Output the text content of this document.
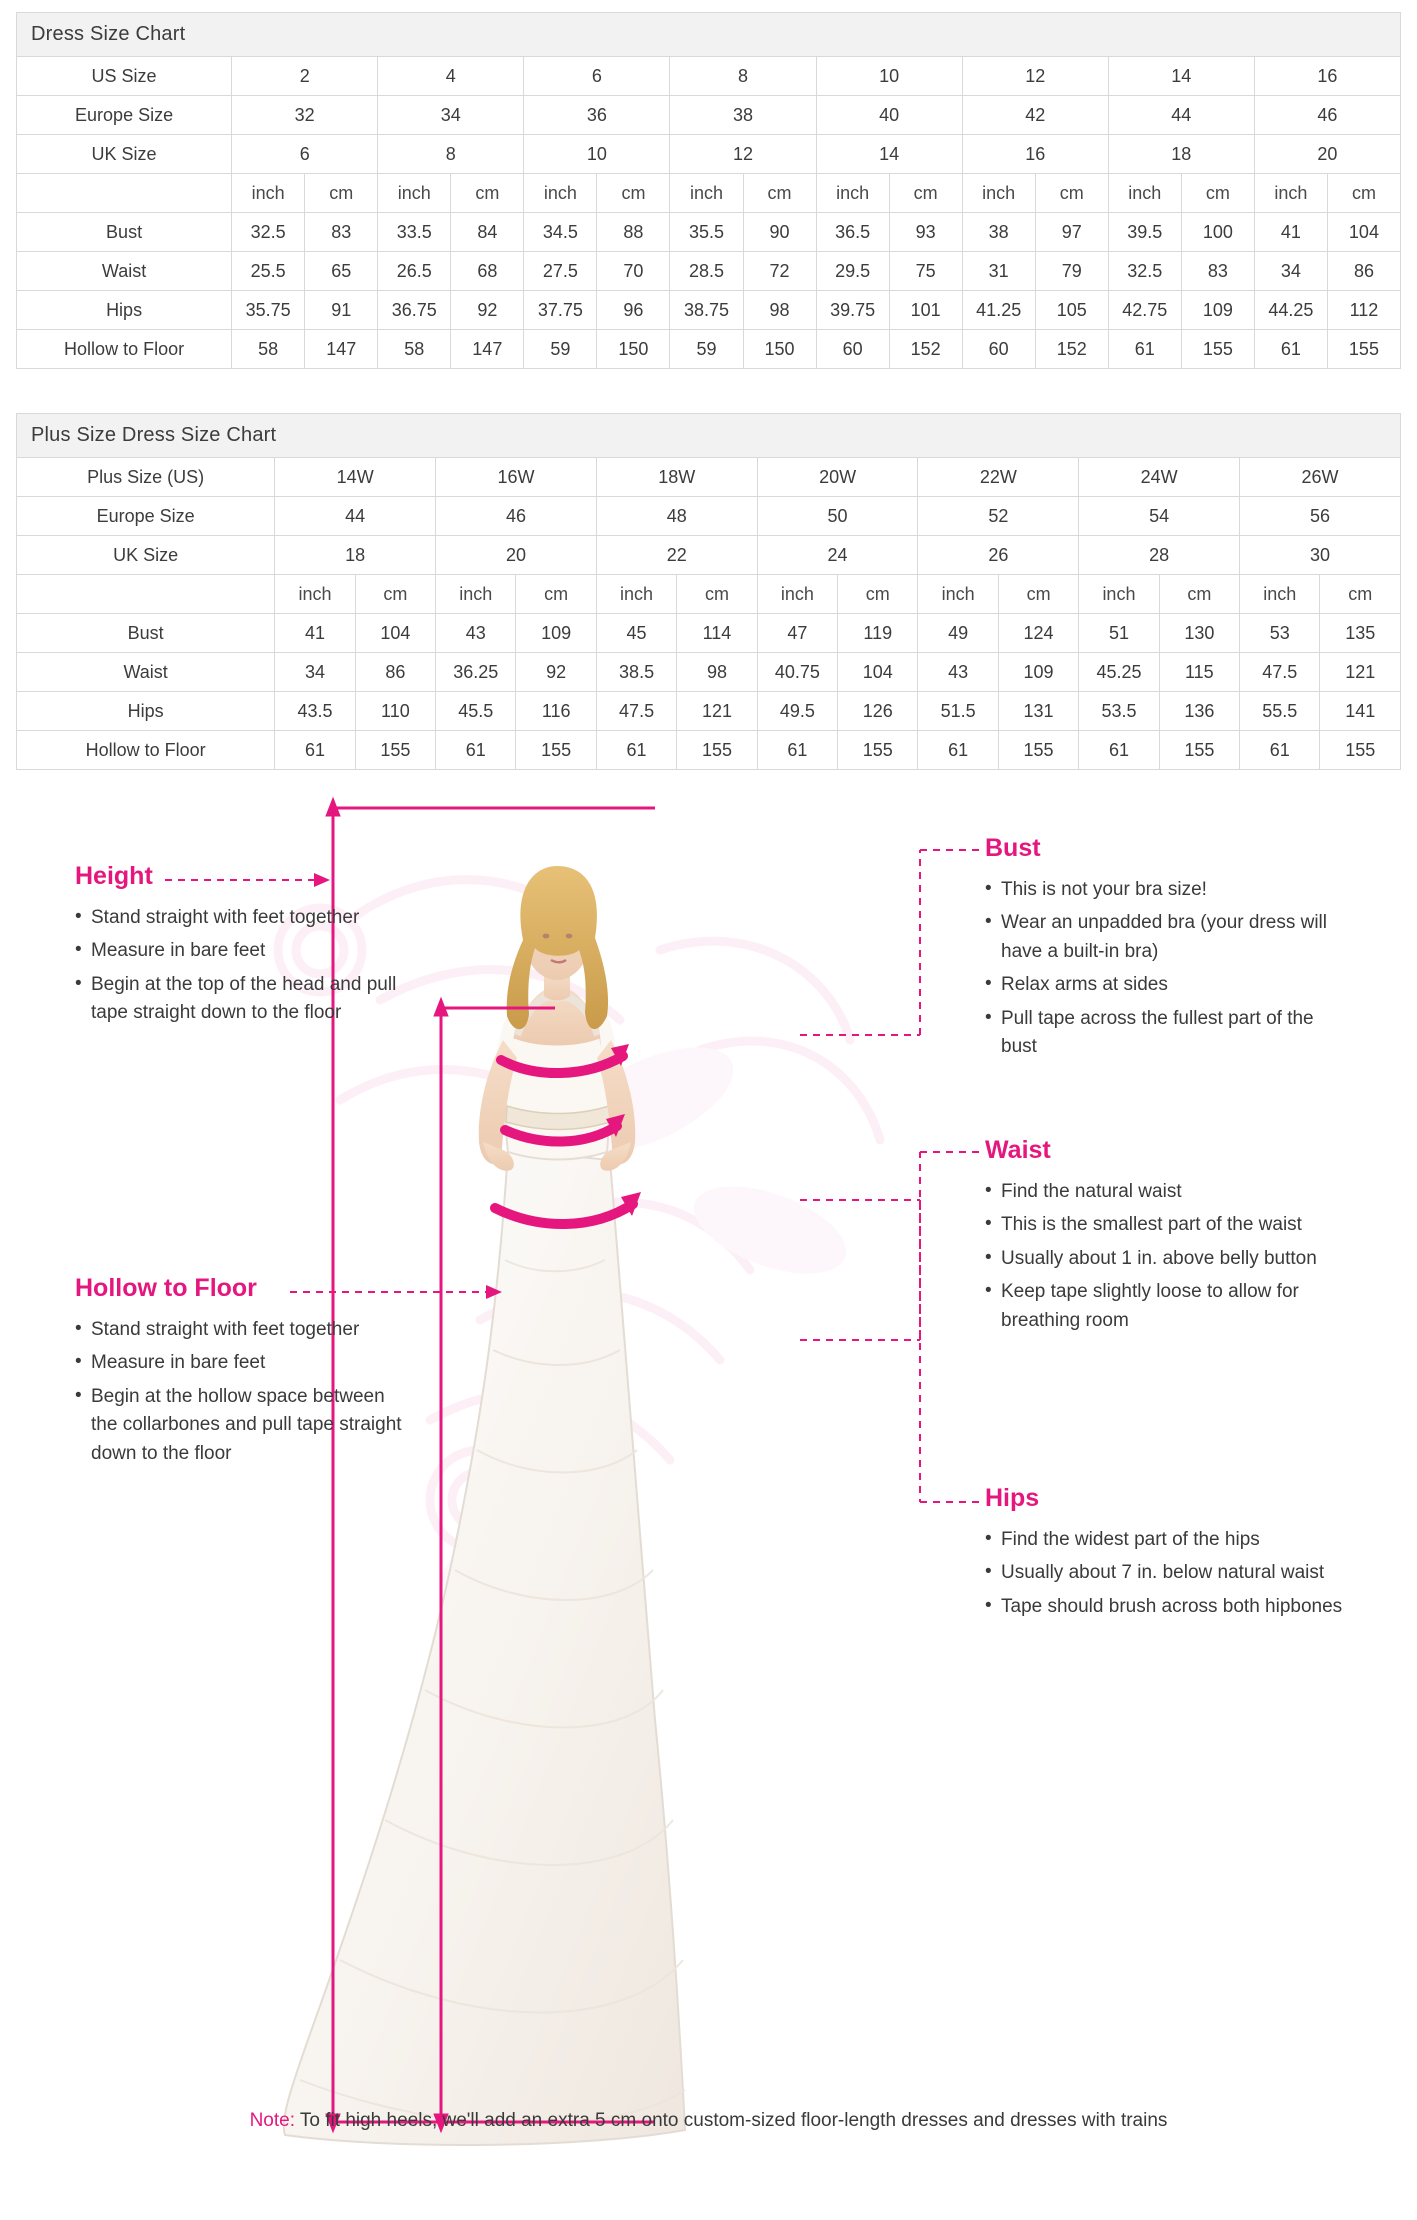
Dress Size Chart
US Size	2		4		6		8		10		12		14		16	
Europe Size	32		34		36		38		40		42		44		46	
UK Size	6		8		10		12		14		16		18		20	
	inch	cm	inch	cm	inch	cm	inch	cm	inch	cm	inch	cm	inch	cm	inch	cm
Bust	32.5	83	33.5	84	34.5	88	35.5	90	36.5	93	38	97	39.5	100	41	104
Waist	25.5	65	26.5	68	27.5	70	28.5	72	29.5	75	31	79	32.5	83	34	86
Hips	35.75	91	36.75	92	37.75	96	38.75	98	39.75	101	41.25	105	42.75	109	44.25	112
Hollow to Floor	58	147	58	147	59	150	59	150	60	152	60	152	61	155	61	155
Plus Size Dress Size Chart
Plus Size (US)	14W		16W		18W		20W		22W		24W		26W	
Europe Size	44		46		48		50		52		54		56	
UK Size	18		20		22		24		26		28		30	
	inch	cm	inch	cm	inch	cm	inch	cm	inch	cm	inch	cm	inch	cm
Bust	41	104	43	109	45	114	47	119	49	124	51	130	53	135
Waist	34	86	36.25	92	38.5	98	40.75	104	43	109	45.25	115	47.5	121
Hips	43.5	110	45.5	116	47.5	121	49.5	126	51.5	131	53.5	136	55.5	141
Hollow to Floor	61	155	61	155	61	155	61	155	61	155	61	155	61	155
Height
• Stand straight with feet together
• Measure in bare feet
• Begin at the top of the head and pull tape straight down to the floor
Hollow to Floor
• Stand straight with feet together
• Measure in bare feet
• Begin at the hollow space between the collarbones and pull tape straight down to the floor
Bust
• This is not your bra size!
• Wear an unpadded bra (your dress will have a built-in bra)
• Relax arms at sides
• Pull tape across the fullest part of the bust
Waist
• Find the natural waist
• This is the smallest part of the waist
• Usually about 1 in. above belly button
• Keep tape slightly loose to allow for breathing room
Hips
• Find the widest part of the hips
• Usually about 7 in. below natural waist
• Tape should brush across both hipbones
Note: To fit high heels, we'll add an extra 5 cm onto custom-sized floor-length dresses and dresses with trains
